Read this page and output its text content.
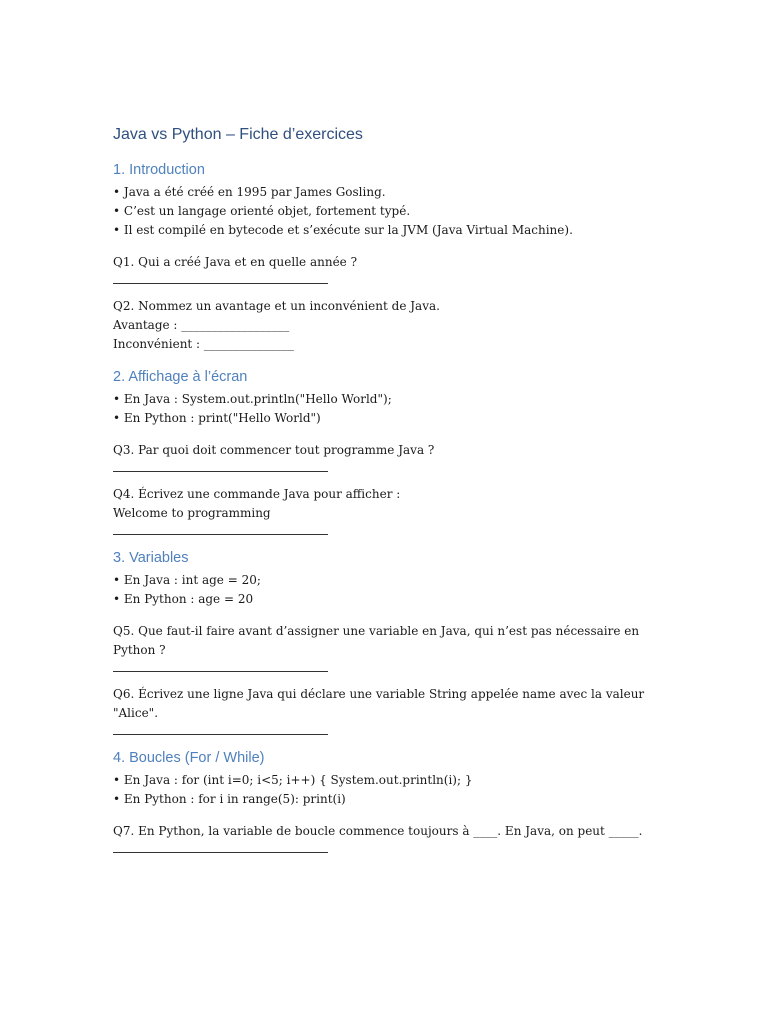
Java vs Python – Fiche d’exercices
1. Introduction
• Java a été créé en 1995 par James Gosling.
• C’est un langage orienté objet, fortement typé.
• Il est compilé en bytecode et s’exécute sur la JVM (Java Virtual Machine).
Q1. Qui a créé Java et en quelle année ?
Q2. Nommez un avantage et un inconvénient de Java.
Avantage : __________________
Inconvénient : _______________
2. Affichage à l’écran
• En Java : System.out.println("Hello World");
• En Python : print("Hello World")
Q3. Par quoi doit commencer tout programme Java ?
Q4. Écrivez une commande Java pour afficher :
Welcome to programming
3. Variables
• En Java : int age = 20;
• En Python : age = 20
Q5. Que faut-il faire avant d’assigner une variable en Java, qui n’est pas nécessaire en Python ?
Q6. Écrivez une ligne Java qui déclare une variable String appelée name avec la valeur "Alice".
4. Boucles (For / While)
• En Java : for (int i=0; i<5; i++) { System.out.println(i); }
• En Python : for i in range(5): print(i)
Q7. En Python, la variable de boucle commence toujours à ____. En Java, on peut _____.
